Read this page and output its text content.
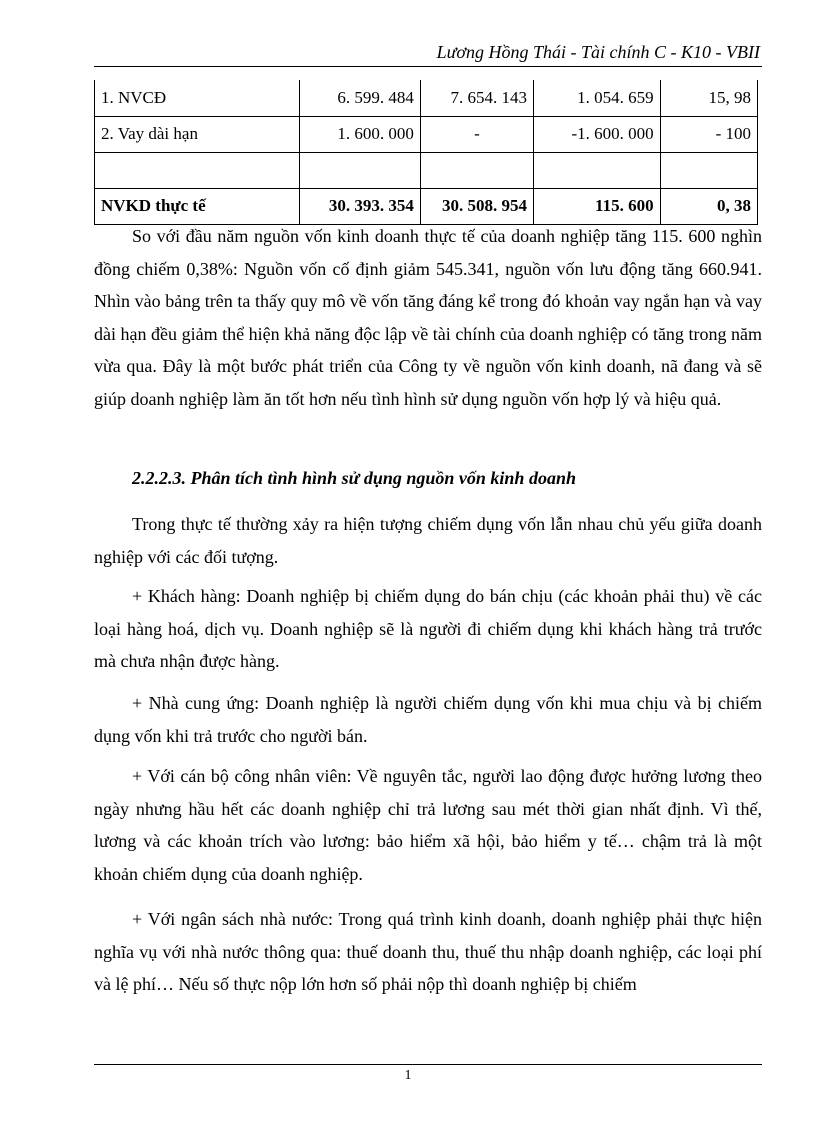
Lương Hồng Thái - Tài chính C - K10 - VBII
1. NVCĐ	6. 599. 484	7. 654. 143	1. 054. 659	15, 98
2. Vay dài hạn	1. 600. 000	-	-1. 600. 000	- 100

NVKD thực tế	30. 393. 354	30. 508. 954	115. 600	0, 38

So với đầu năm nguồn vốn kinh doanh thực tế của doanh nghiệp tăng 115. 600 nghìn đồng chiếm 0,38%: Nguồn vốn cố định giảm 545.341, nguồn vốn lưu động tăng 660.941. Nhìn vào bảng trên ta thấy quy mô về vốn tăng đáng kể trong đó khoản vay ngắn hạn và vay dài hạn đều giảm thể hiện khả năng độc lập về tài chính của doanh nghiệp có tăng trong năm vừa qua. Đây là một bước phát triển của Công ty về nguồn vốn kinh doanh, nã đang và sẽ giúp doanh nghiệp làm ăn tốt hơn nếu tình hình sử dụng nguồn vốn hợp lý và hiệu quả.

2.2.2.3. Phân tích tình hình sử dụng nguồn vốn kinh doanh

Trong thực tế thường xảy ra hiện tượng chiếm dụng vốn lẫn nhau chủ yếu giữa doanh nghiệp với các đối tượng.

+ Khách hàng: Doanh nghiệp bị chiếm dụng do bán chịu (các khoản phải thu) về các loại hàng hoá, dịch vụ. Doanh nghiệp sẽ là người đi chiếm dụng khi khách hàng trả trước mà chưa nhận được hàng.

+ Nhà cung ứng: Doanh nghiệp là người chiếm dụng vốn khi mua chịu và bị chiếm dụng vốn khi trả trước cho người bán.

+ Với cán bộ công nhân viên: Về nguyên tắc, người lao động được hưởng lương theo ngày nhưng hầu hết các doanh nghiệp chỉ trả lương sau mét thời gian nhất định. Vì thế, lương và các khoản trích vào lương: bảo hiểm xã hội, bảo hiểm y tế… chậm trả là một khoản chiếm dụng của doanh nghiệp.

+ Với ngân sách nhà nước: Trong quá trình kinh doanh, doanh nghiệp phải thực hiện nghĩa vụ với nhà nước thông qua: thuế doanh thu, thuế thu nhập doanh nghiệp, các loại phí và lệ phí… Nếu số thực nộp lớn hơn số phải nộp thì doanh nghiệp bị chiếm

1
